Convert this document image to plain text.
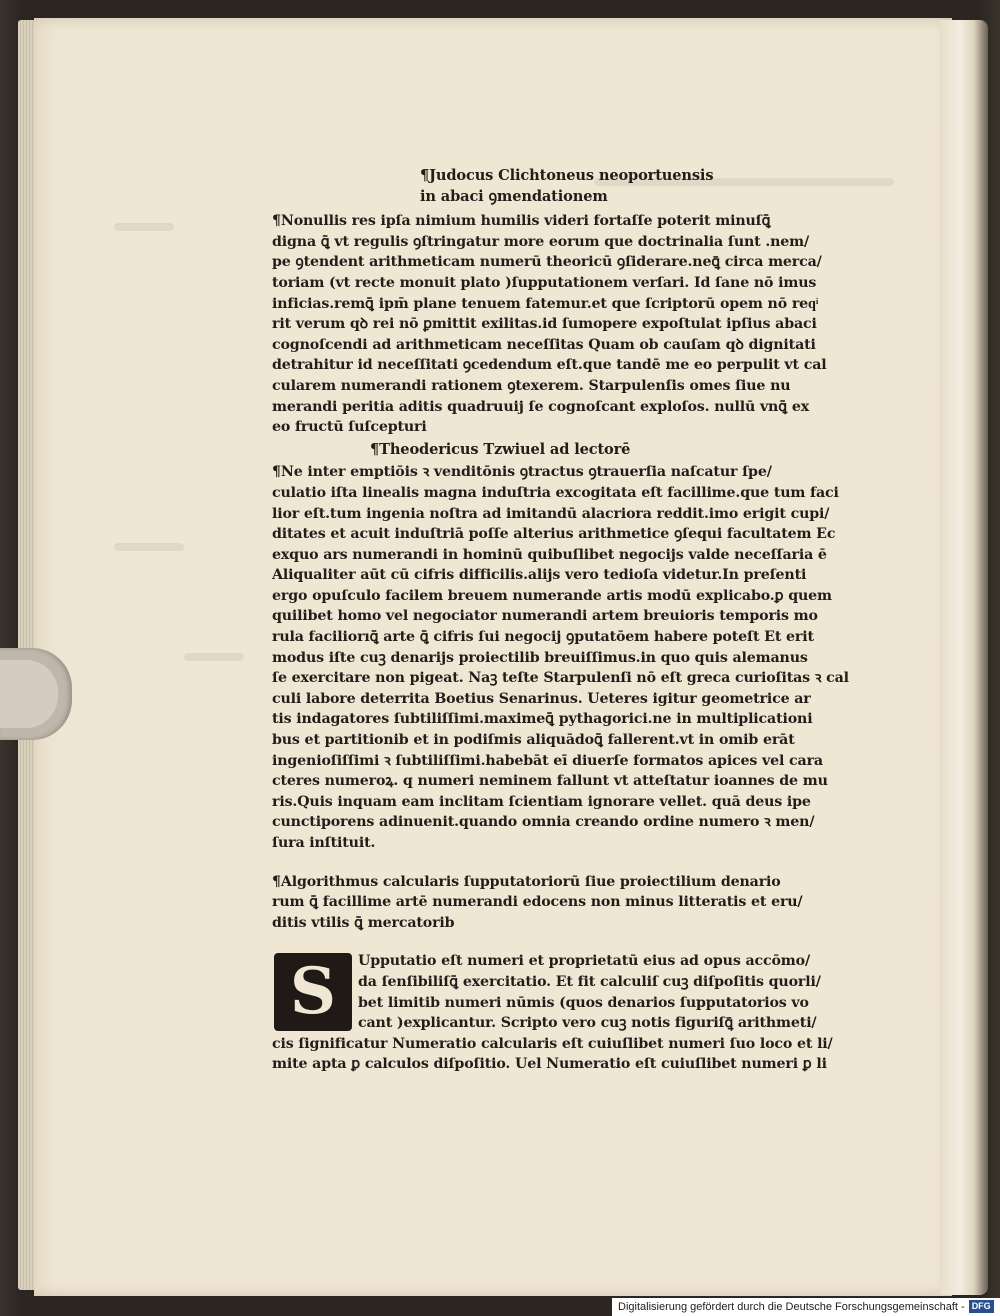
¶Judocus Clichtoneus neoportuensis
in abaci ꝯmendationem
¶Nonullis res ipſa nimium humilis videri fortaſſe poterit minuſꝗ̄
digna ꝗ̄ vt regulis ꝯſtringatur more eorum que doctrinalia ſunt .nem/
pe ꝯtendent arithmeticam numerū theoricū ꝯſiderare.neꝗ̄ circa merca/
toriam (vt recte monuit plato )ſupputationem verſari. Id ſane nō imus
inficias.remꝗ̄ ipm̄ plane tenuem fatemur.et que ſcriptorū opem nō reqͥ
rit verum qꝺ rei nō ꝑmittit exilitas.id ſumopere expoſtulat ipſius abaci
cognoſcendi ad arithmeticam neceſſitas Quam ob cauſam qꝺ dignitati
detrahitur id neceſſitati ꝯcedendum eſt.que tandē me eo perpulit vt cal
cularem numerandi rationem ꝯtexerem. Starpulenſis omes ſiue nu
merandi peritia aditis quadruuij ſe cognoſcant exploſos. nullū vnꝗ̄ ex
eo fructū ſuſcepturi
¶Theodericus Tzwiuel ad lectorē
¶Ne inter emptiōis ꝛ venditōnis ꝯtractus ꝯtrauerſia naſcatur ſpe/
culatio iſta linealis magna induſtria excogitata eſt facillime.que tum faci
lior eſt.tum ingenia noſtra ad imitandū alacriora reddit.imo erigit cupi/
ditates et acuit induſtriā poſſe alterius arithmetice ꝯſequi facultatem Ec
exquo ars numerandi in hominū quibuſlibet negocijs valde neceſſaria ē
Aliqualiter aūt cū cifris difficilis.alijs vero tedioſa videtur.In preſenti
ergo opuſculo facilem breuem numerande artis modū explicabo.ꝑ quem
quilibet homo vel negociator numerandi artem breuioris temporis mo
rula faciliorıꝗ̄ arte ꝗ̄ cifris ſui negocij ꝯputatōem habere poteſt Et erit
modus iſte cuꝫ denarijs proiectilib breuiſſimus.in quo quis alemanus
ſe exercitare non pigeat. Naꝫ teſte Starpulenſi nō eſt greca curioſitas ꝛ cal
culi labore deterrita Boetius Senarinus. Ueteres igitur geometrice ar
tis indagatores ſubtiliſſimi.maximeꝗ̄ pythagorici.ne in multiplicationi
bus et partitionib et in podiſmis aliquādoꝗ̄ fallerent.vt in omib erāt
ingenioſiſſimi ꝛ ſubtiliſſimi.habebāt eī diuerſe formatos apices vel cara
cteres numeroꝝ. q numeri neminem fallunt vt atteſtatur ioannes de mu
ris.Quis inquam eam inclitam ſcientiam ignorare vellet. quā deus ipe
cunctiporens adinuenit.quando omnia creando ordine numero ꝛ men/
ſura inſtituit.
¶Algorithmus calcularis ſupputatoriorū ſiue proiectilium denario
rum ꝗ̄ facillime artē numerandi edocens non minus litteratis et eru/
ditis vtilis ꝗ̄ mercatorib
S	Upputatio eſt numeri et proprietatū eius ad opus accōmo/
da ſenſibiliſꝗ̄ exercitatio. Et fit calculiſ cuꝫ diſpoſitis quorli/
bet limitib numeri nūmis (quos denarios ſupputatorios vo
cant )explicantur. Scripto vero cuꝫ notis figuriſꝗ̄ arithmeti/
cis ſignificatur Numeratio calcularis eſt cuiuſlibet numeri ſuo loco et li/
mite apta ꝑ calculos diſpoſitio. Uel Numeratio eſt cuiuſlibet numeri ꝑ li
Digitalisierung gefördert durch die Deutsche Forschungsgemeinschaft - DFG
